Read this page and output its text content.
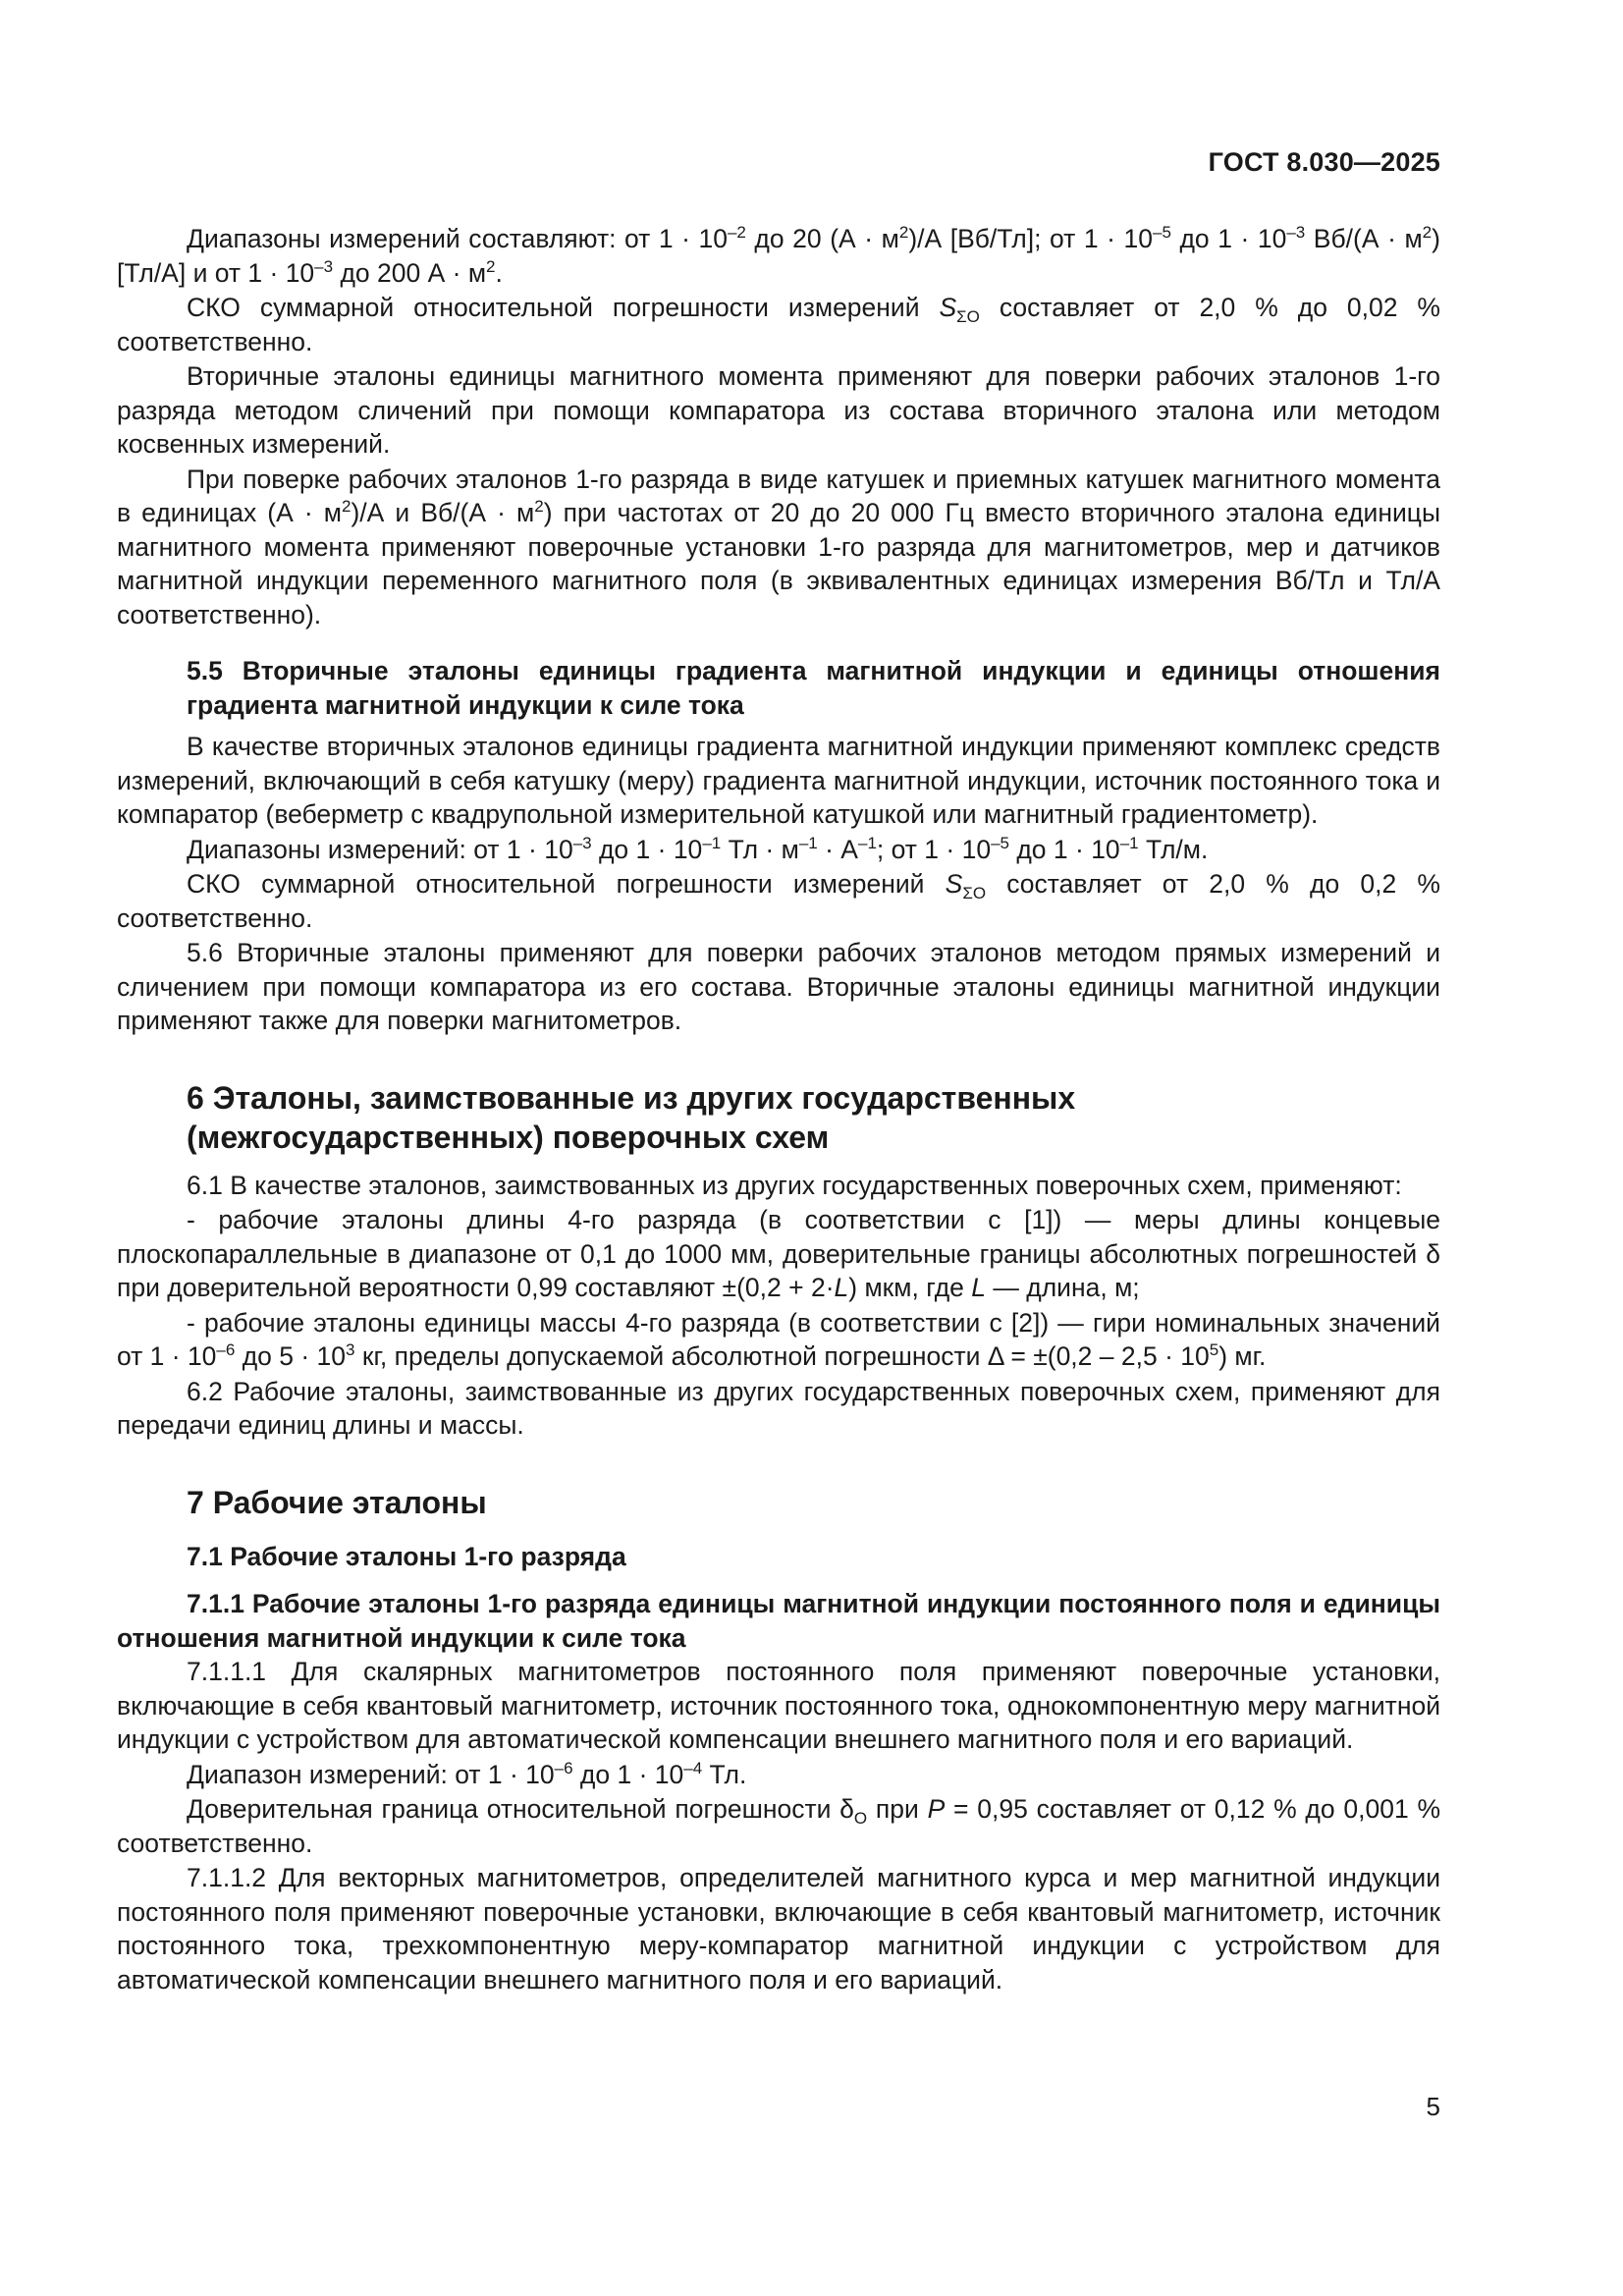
ГОСТ 8.030—2025

Диапазоны измерений составляют: от $1 \cdot 10^{-2}$ до 20 $(А \cdot м^2)/А$ [Вб/Тл]; от $1 \cdot 10^{-5}$ до $1 \cdot 10^{-3}$ $Вб/(А \cdot м^2)$ [Тл/А] и от $1 \cdot 10^{-3}$ до 200 $А \cdot м^2$.

СКО суммарной относительной погрешности измерений $S_{\Sigma O}$ составляет от 2,0 % до 0,02 % соответственно.

Вторичные эталоны единицы магнитного момента применяют для поверки рабочих эталонов 1-го разряда методом сличений при помощи компаратора из состава вторичного эталона или методом косвенных измерений.

При поверке рабочих эталонов 1-го разряда в виде катушек и приемных катушек магнитного момента в единицах $(А \cdot м^2)/А$ и $Вб/(А \cdot м^2)$ при частотах от 20 до 20 000 Гц вместо вторичного эталона единицы магнитного момента применяют поверочные установки 1-го разряда для магнитометров, мер и датчиков магнитной индукции переменного магнитного поля (в эквивалентных единицах измерения Вб/Тл и Тл/А соответственно).

5.5 Вторичные эталоны единицы градиента магнитной индукции и единицы отношения градиента магнитной индукции к силе тока

В качестве вторичных эталонов единицы градиента магнитной индукции применяют комплекс средств измерений, включающий в себя катушку (меру) градиента магнитной индукции, источник постоянного тока и компаратор (веберметр с квадрупольной измерительной катушкой или магнитный градиентометр).

Диапазоны измерений: от $1 \cdot 10^{-3}$ до $1 \cdot 10^{-1}$ Тл · $м^{-1} \cdot А^{-1}$; от $1 \cdot 10^{-5}$ до $1 \cdot 10^{-1}$ Тл/м.

СКО суммарной относительной погрешности измерений $S_{\Sigma O}$ составляет от 2,0 % до 0,2 % соответственно.

5.6 Вторичные эталоны применяют для поверки рабочих эталонов методом прямых измерений и сличением при помощи компаратора из его состава. Вторичные эталоны единицы магнитной индукции применяют также для поверки магнитометров.

6 Эталоны, заимствованные из других государственных
(межгосударственных) поверочных схем

6.1 В качестве эталонов, заимствованных из других государственных поверочных схем, применяют:

- рабочие эталоны длины 4-го разряда (в соответствии с [1]) — меры длины концевые плоскопараллельные в диапазоне от 0,1 до 1000 мм, доверительные границы абсолютных погрешностей δ при доверительной вероятности 0,99 составляют ±(0,2 + 2·L) мкм, где L — длина, м;

- рабочие эталоны единицы массы 4-го разряда (в соответствии с [2]) — гири номинальных значений от $1 \cdot 10^{-6}$ до $5 \cdot 10^3$ кг, пределы допускаемой абсолютной погрешности $\Delta = \pm(0,2 - 2,5 \cdot 10^5)$ мг.

6.2 Рабочие эталоны, заимствованные из других государственных поверочных схем, применяют для передачи единиц длины и массы.

7 Рабочие эталоны

7.1 Рабочие эталоны 1-го разряда

7.1.1 Рабочие эталоны 1-го разряда единицы магнитной индукции постоянного поля и единицы отношения магнитной индукции к силе тока

7.1.1.1 Для скалярных магнитометров постоянного поля применяют поверочные установки, включающие в себя квантовый магнитометр, источник постоянного тока, однокомпонентную меру магнитной индукции с устройством для автоматической компенсации внешнего магнитного поля и его вариаций.

Диапазон измерений: от $1 \cdot 10^{-6}$ до $1 \cdot 10^{-4}$ Тл.

Доверительная граница относительной погрешности $\delta_О$ при P = 0,95 составляет от 0,12 % до 0,001 % соответственно.

7.1.1.2 Для векторных магнитометров, определителей магнитного курса и мер магнитной индукции постоянного поля применяют поверочные установки, включающие в себя квантовый магнитометр, источник постоянного тока, трехкомпонентную меру-компаратор магнитной индукции с устройством для автоматической компенсации внешнего магнитного поля и его вариаций.

5
